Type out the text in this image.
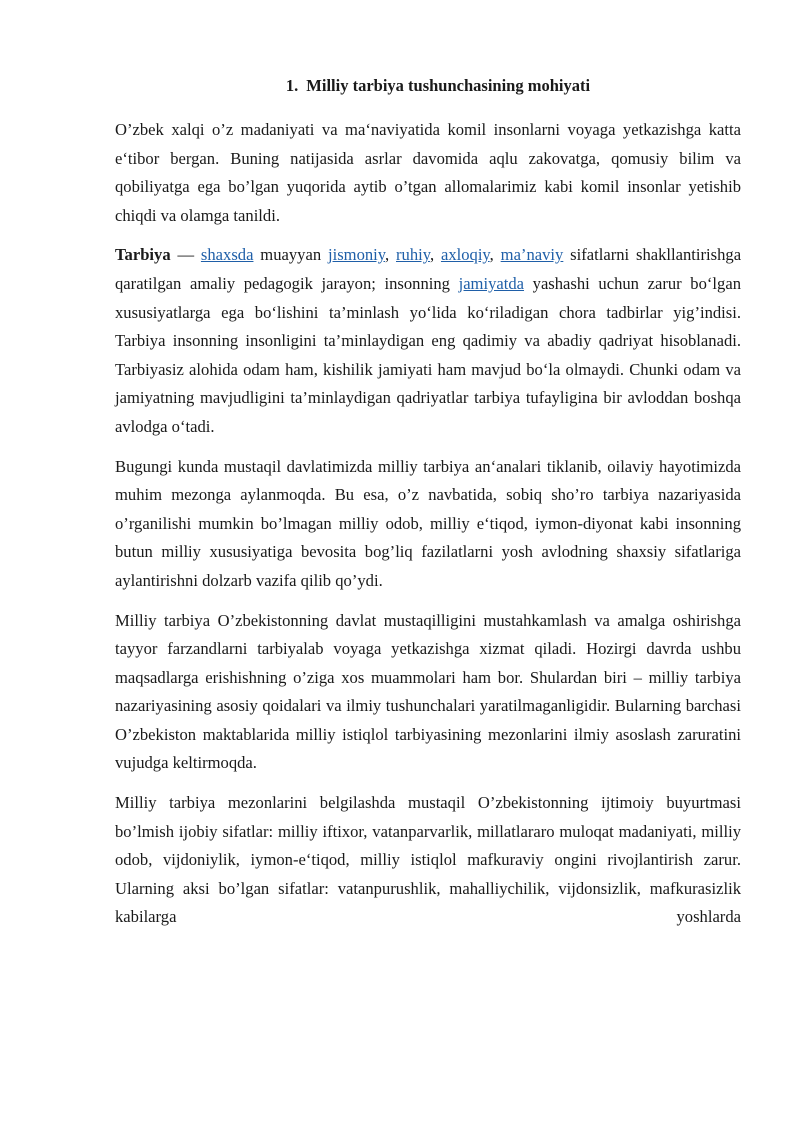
1. Milliy tarbiya tushunchasining mohiyati

O’zbek xalqi o’z madaniyati va ma‘naviyatida komil insonlarni voyaga yetkazishga katta e‘tibor bergan. Buning natijasida asrlar davomida aqlu zakovatga, qomusiy bilim va qobiliyatga ega bo’lgan yuqorida aytib o’tgan allomalarimiz kabi komil insonlar yetishib chiqdi va olamga tanildi.

Tarbiya — shaxsda muayyan jismoniy, ruhiy, axloqiy, ma’naviy sifatlarni shakllantirishga qaratilgan amaliy pedagogik jarayon; insonning jamiyatda yashashi uchun zarur bo‘lgan xususiyatlarga ega bo‘lishini ta’minlash yo‘lida ko‘riladigan chora tadbirlar yig’indisi. Tarbiya insonning insonligini ta’minlaydigan eng qadimiy va abadiy qadriyat hisoblanadi. Tarbiyasiz alohida odam ham, kishilik jamiyati ham mavjud bo‘la olmaydi. Chunki odam va jamiyatning mavjudligini ta’minlaydigan qadriyatlar tarbiya tufayligina bir avloddan boshqa avlodga o‘tadi.

Bugungi kunda mustaqil davlatimizda milliy tarbiya an‘analari tiklanib, oilaviy hayotimizda muhim mezonga aylanmoqda. Bu esa, o’z navbatida, sobiq sho’ro tarbiya nazariyasida o’rganilishi mumkin bo’lmagan milliy odob, milliy e‘tiqod, iymon-diyonat kabi insonning butun milliy xususiyatiga bevosita bog’liq fazilatlarni yosh avlodning shaxsiy sifatlariga aylantirishni dolzarb vazifa qilib qo’ydi.

Milliy tarbiya O’zbekistonning davlat mustaqilligini mustahkamlash va amalga oshirishga tayyor farzandlarni tarbiyalab voyaga yetkazishga xizmat qiladi. Hozirgi davrda ushbu maqsadlarga erishishning o’ziga xos muammolari ham bor. Shulardan biri – milliy tarbiya nazariyasining asosiy qoidalari va ilmiy tushunchalari yaratilmaganligidir. Bularning barchasi O’zbekiston maktablarida milliy istiqlol tarbiyasining mezonlarini ilmiy asoslash zaruratini vujudga keltirmoqda.

Milliy tarbiya mezonlarini belgilashda mustaqil O’zbekistonning ijtimoiy buyurtmasi bo’lmish ijobiy sifatlar: milliy iftixor, vatanparvarlik, millatlararo muloqat madaniyati, milliy odob, vijdoniylik, iymon-e‘tiqod, milliy istiqlol mafkuraviy ongini rivojlantirish zarur. Ularning aksi bo’lgan sifatlar: vatanpurushlik, mahalliychilik, vijdonsizlik, mafkurasizlik kabilarga yoshlarda
